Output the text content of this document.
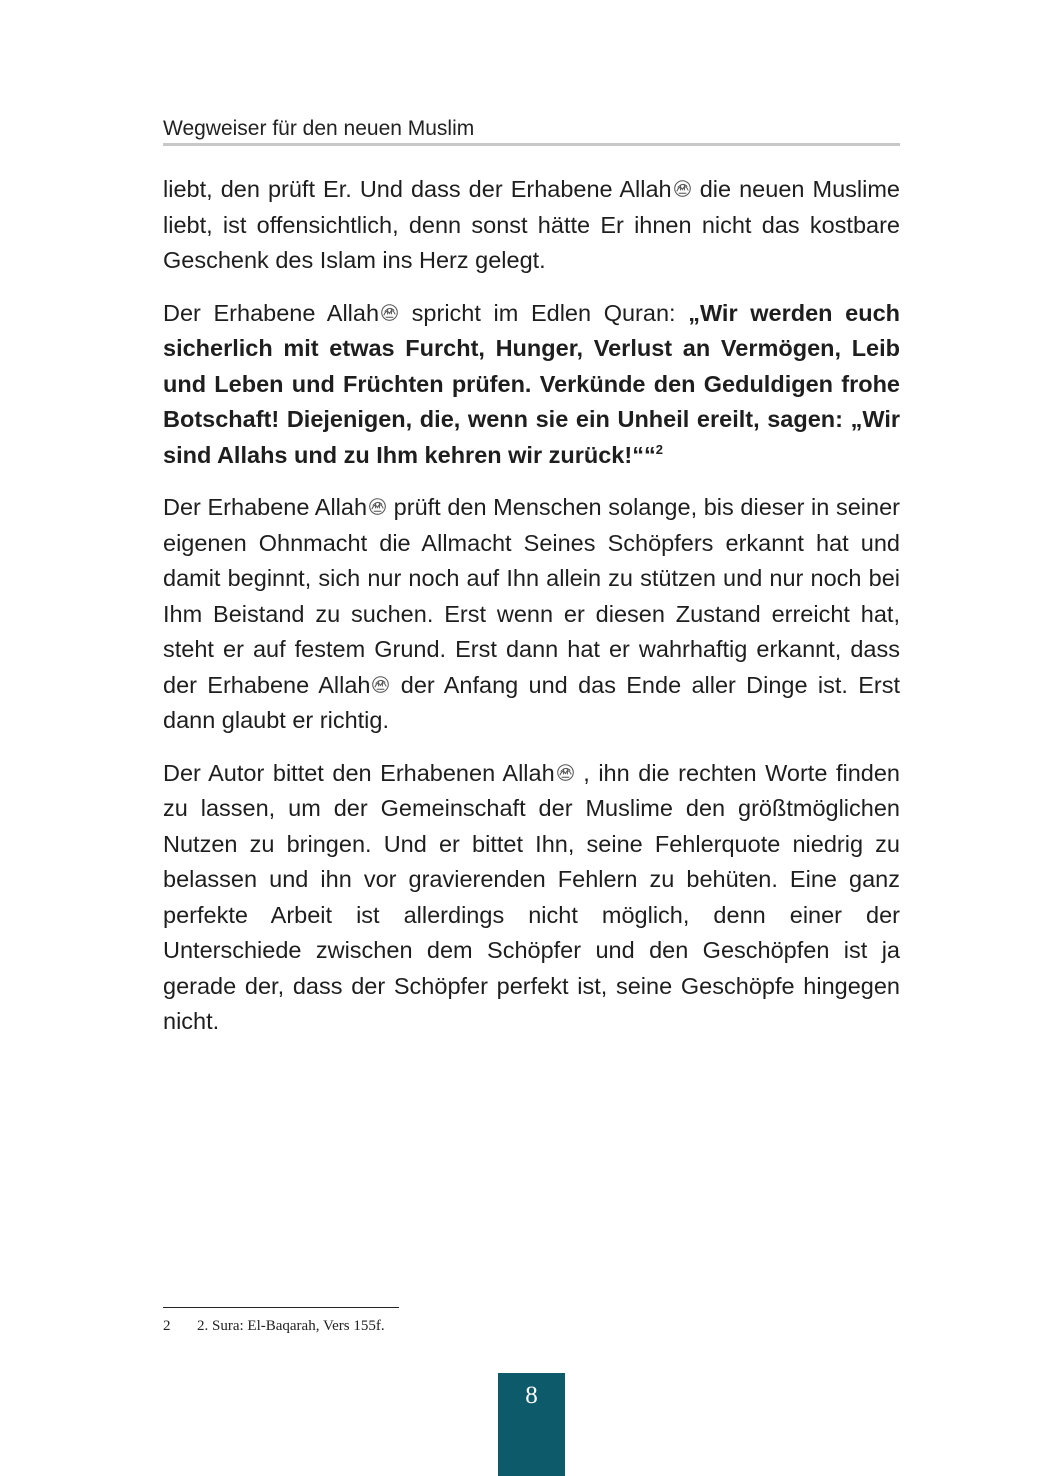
Wegweiser für den neuen Muslim

liebt, den prüft Er. Und dass der Erhabene Allah die neuen Muslime liebt, ist offensichtlich, denn sonst hätte Er ihnen nicht das kostbare Geschenk des Islam ins Herz gelegt.

Der Erhabene Allah spricht im Edlen Quran: „Wir werden euch sicherlich mit etwas Furcht, Hunger, Verlust an Vermögen, Leib und Leben und Früchten prüfen. Verkünde den Geduldigen frohe Botschaft! Diejenigen, die, wenn sie ein Unheil ereilt, sagen: „Wir sind Allahs und zu Ihm kehren wir zurück!““$^2$

Der Erhabene Allah prüft den Menschen solange, bis dieser in seiner eigenen Ohnmacht die Allmacht Seines Schöpfers erkannt hat und damit beginnt, sich nur noch auf Ihn allein zu stützen und nur noch bei Ihm Beistand zu suchen. Erst wenn er diesen Zustand erreicht hat, steht er auf festem Grund. Erst dann hat er wahrhaftig erkannt, dass der Erhabene Allah der Anfang und das Ende aller Dinge ist. Erst dann glaubt er richtig.

Der Autor bittet den Erhabenen Allah , ihn die rechten Worte finden zu lassen, um der Gemeinschaft der Muslime den größtmöglichen Nutzen zu bringen. Und er bittet Ihn, seine Fehlerquote niedrig zu belassen und ihn vor gravierenden Fehlern zu behüten. Eine ganz perfekte Arbeit ist allerdings nicht möglich, denn einer der Unterschiede zwischen dem Schöpfer und den Geschöpfen ist ja gerade der, dass der Schöpfer perfekt ist, seine Geschöpfe hingegen nicht.

2 2. Sura: El-Baqarah, Vers 155f.
8
